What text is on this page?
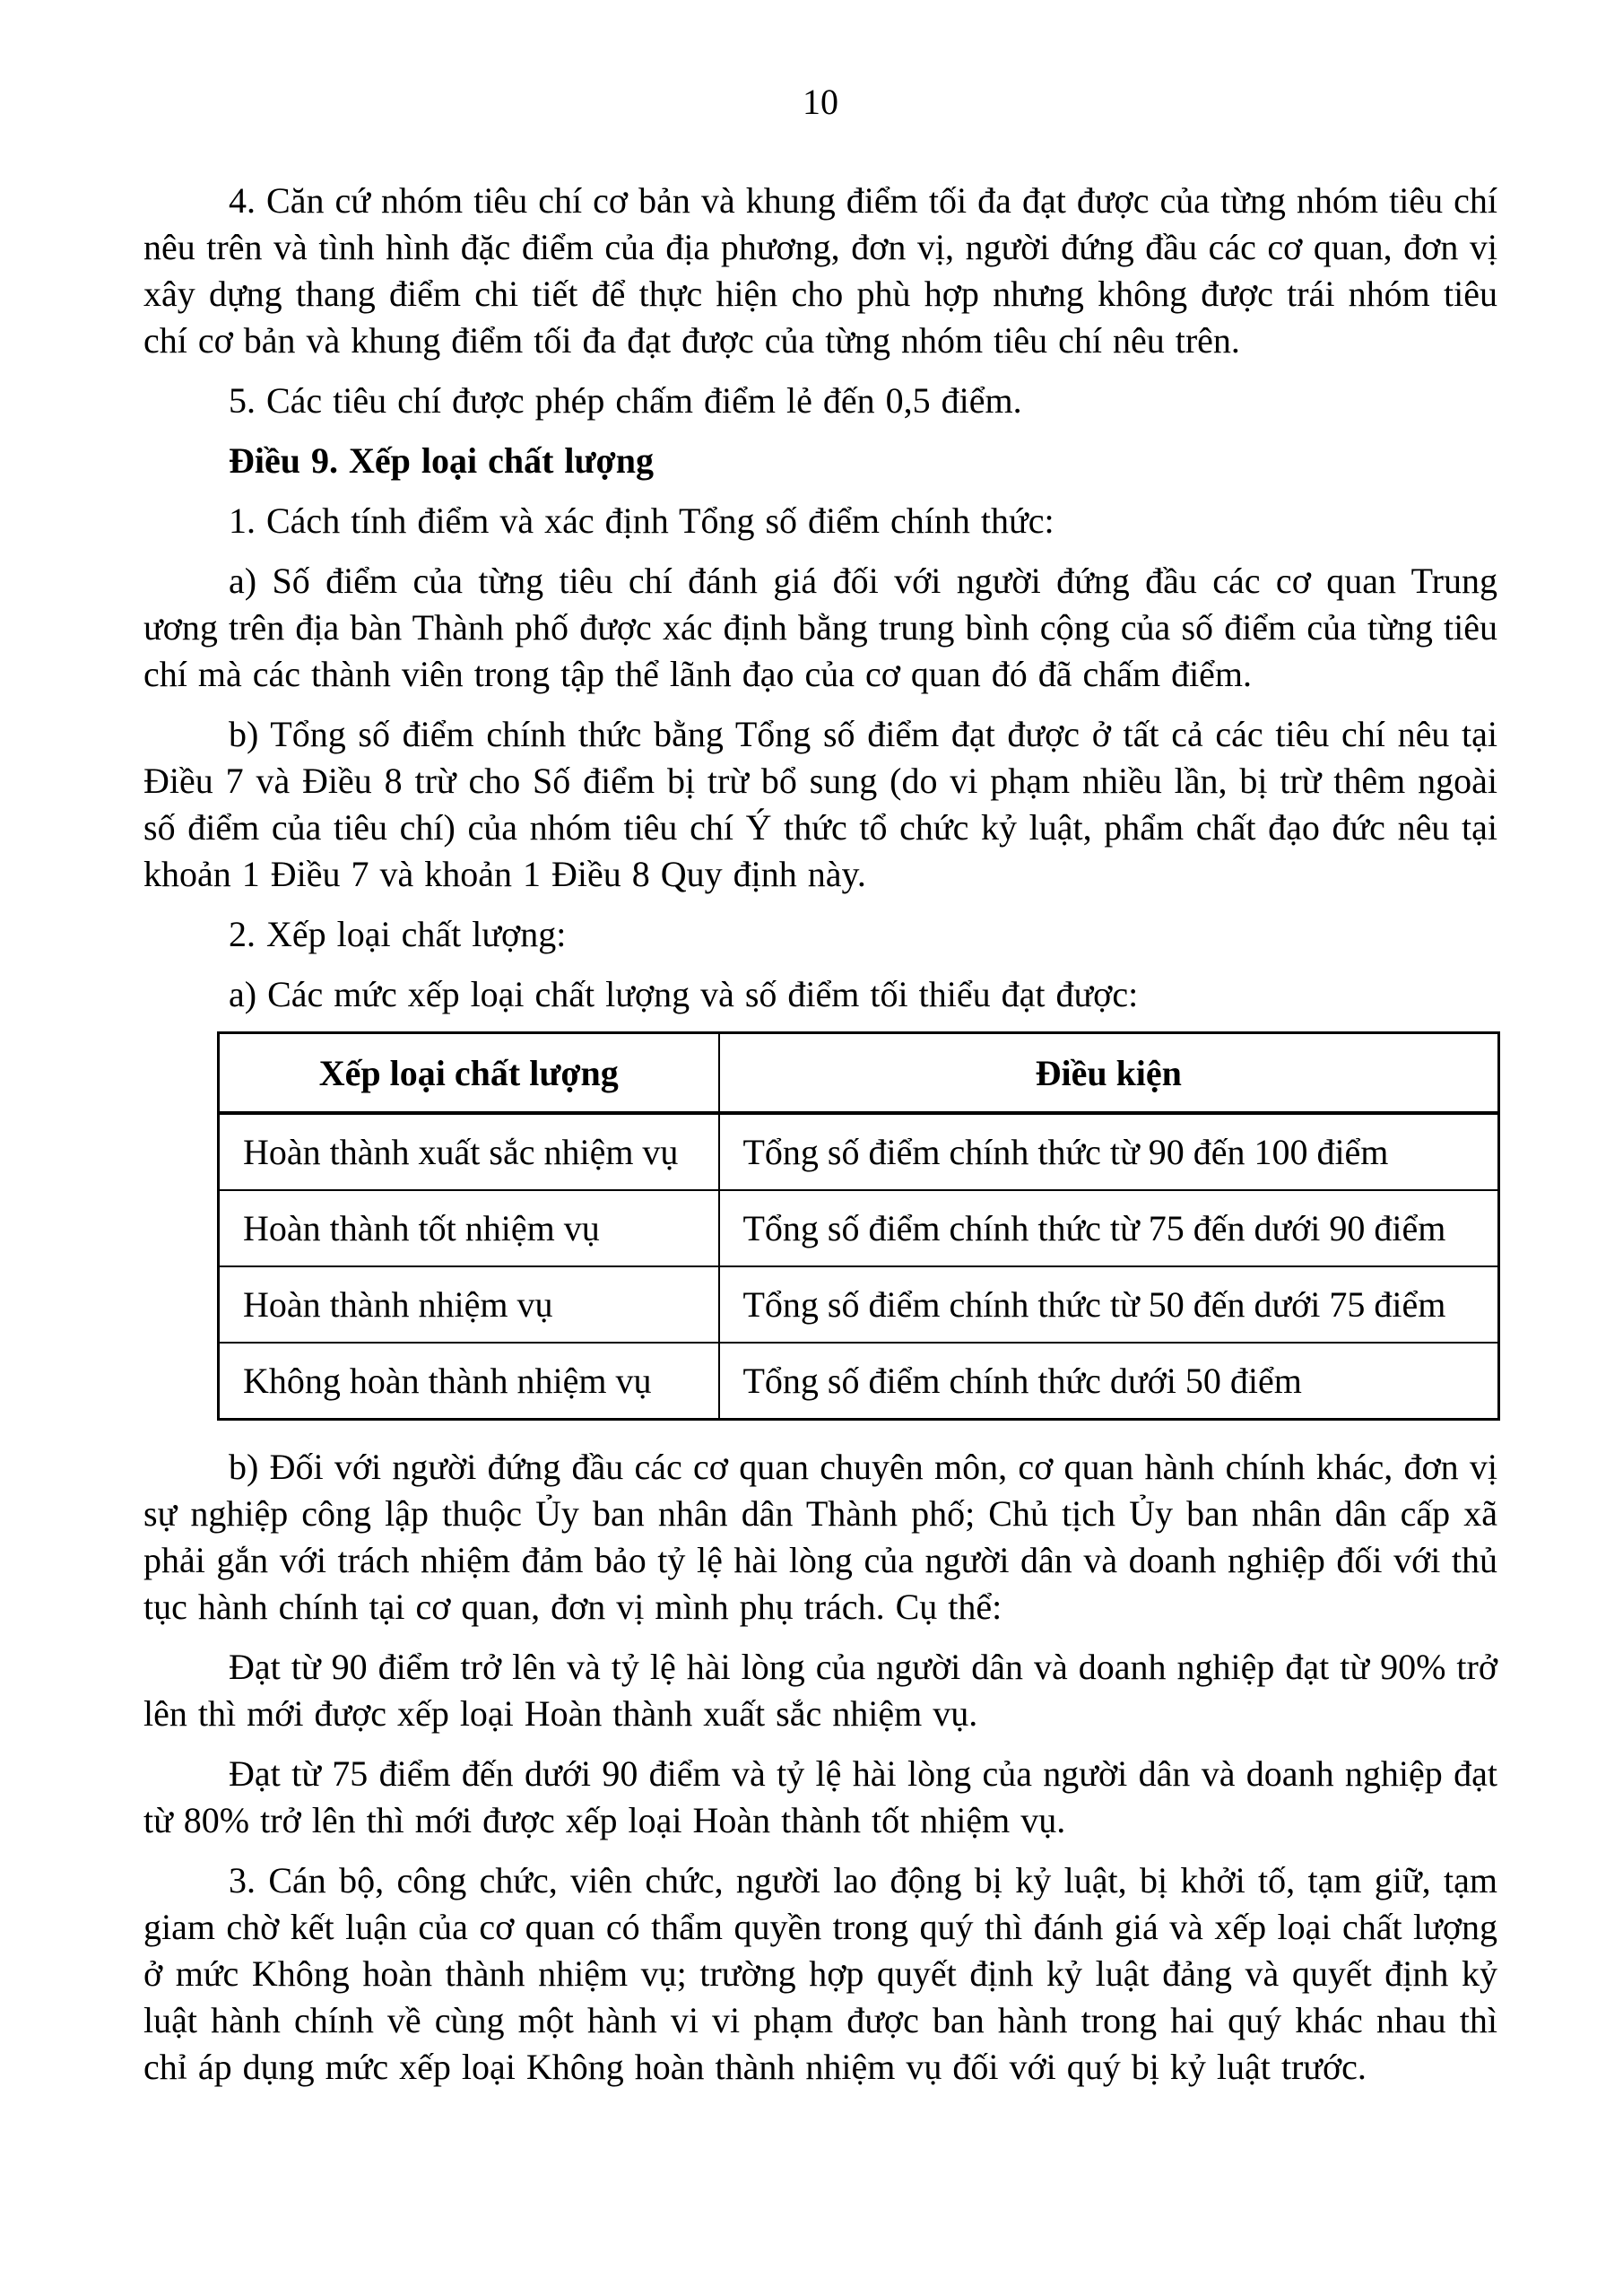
10

4. Căn cứ nhóm tiêu chí cơ bản và khung điểm tối đa đạt được của từng nhóm tiêu chí nêu trên và tình hình đặc điểm của địa phương, đơn vị, người đứng đầu các cơ quan, đơn vị xây dựng thang điểm chi tiết để thực hiện cho phù hợp nhưng không được trái nhóm tiêu chí cơ bản và khung điểm tối đa đạt được của từng nhóm tiêu chí nêu trên.

5. Các tiêu chí được phép chấm điểm lẻ đến 0,5 điểm.

Điều 9. Xếp loại chất lượng

1. Cách tính điểm và xác định Tổng số điểm chính thức:

a) Số điểm của từng tiêu chí đánh giá đối với người đứng đầu các cơ quan Trung ương trên địa bàn Thành phố được xác định bằng trung bình cộng của số điểm của từng tiêu chí mà các thành viên trong tập thể lãnh đạo của cơ quan đó đã chấm điểm.

b) Tổng số điểm chính thức bằng Tổng số điểm đạt được ở tất cả các tiêu chí nêu tại Điều 7 và Điều 8 trừ cho Số điểm bị trừ bổ sung (do vi phạm nhiều lần, bị trừ thêm ngoài số điểm của tiêu chí) của nhóm tiêu chí Ý thức tổ chức kỷ luật, phẩm chất đạo đức nêu tại khoản 1 Điều 7 và khoản 1 Điều 8 Quy định này.

2. Xếp loại chất lượng:

a) Các mức xếp loại chất lượng và số điểm tối thiểu đạt được:

Xếp loại chất lượng	Điều kiện
Hoàn thành xuất sắc nhiệm vụ	Tổng số điểm chính thức từ 90 đến 100 điểm
Hoàn thành tốt nhiệm vụ	Tổng số điểm chính thức từ 75 đến dưới 90 điểm
Hoàn thành nhiệm vụ	Tổng số điểm chính thức từ 50 đến dưới 75 điểm
Không hoàn thành nhiệm vụ	Tổng số điểm chính thức dưới 50 điểm

b) Đối với người đứng đầu các cơ quan chuyên môn, cơ quan hành chính khác, đơn vị sự nghiệp công lập thuộc Ủy ban nhân dân Thành phố; Chủ tịch Ủy ban nhân dân cấp xã phải gắn với trách nhiệm đảm bảo tỷ lệ hài lòng của người dân và doanh nghiệp đối với thủ tục hành chính tại cơ quan, đơn vị mình phụ trách. Cụ thể:

Đạt từ 90 điểm trở lên và tỷ lệ hài lòng của người dân và doanh nghiệp đạt từ 90% trở lên thì mới được xếp loại Hoàn thành xuất sắc nhiệm vụ.

Đạt từ 75 điểm đến dưới 90 điểm và tỷ lệ hài lòng của người dân và doanh nghiệp đạt từ 80% trở lên thì mới được xếp loại Hoàn thành tốt nhiệm vụ.

3. Cán bộ, công chức, viên chức, người lao động bị kỷ luật, bị khởi tố, tạm giữ, tạm giam chờ kết luận của cơ quan có thẩm quyền trong quý thì đánh giá và xếp loại chất lượng ở mức Không hoàn thành nhiệm vụ; trường hợp quyết định kỷ luật đảng và quyết định kỷ luật hành chính về cùng một hành vi vi phạm được ban hành trong hai quý khác nhau thì chỉ áp dụng mức xếp loại Không hoàn thành nhiệm vụ đối với quý bị kỷ luật trước.
